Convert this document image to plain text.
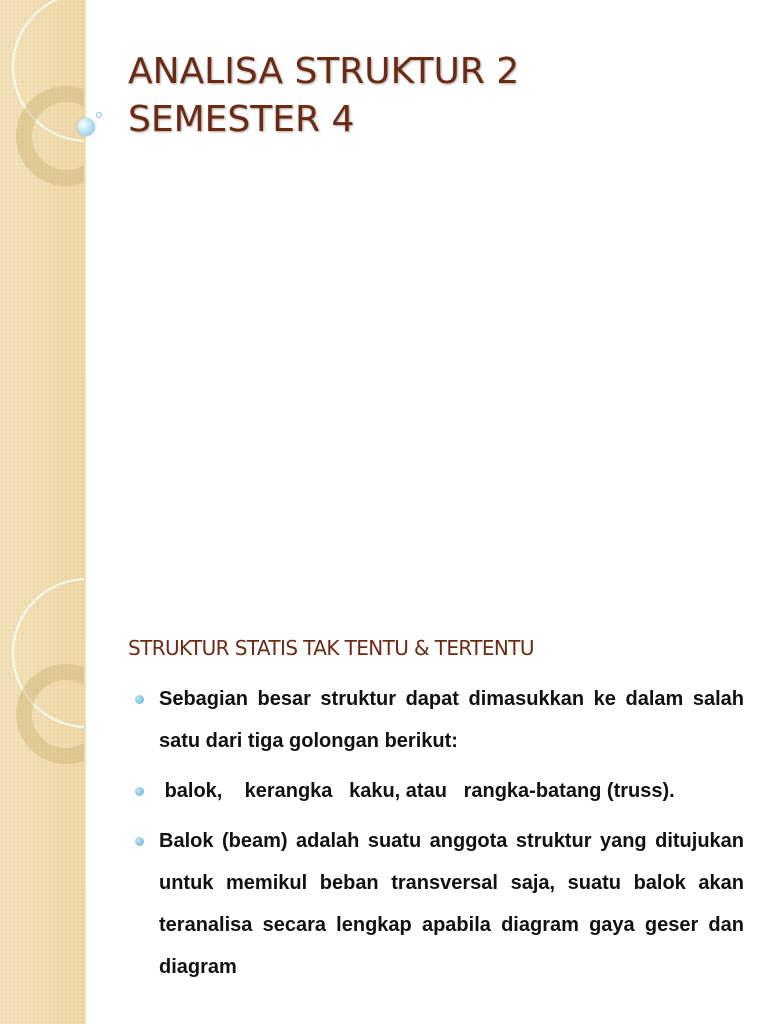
ANALISA STRUKTUR 2
SEMESTER 4
STRUKTUR STATIS TAK TENTU & TERTENTU
Sebagian besar struktur dapat dimasukkan ke dalam salah satu dari tiga golongan berikut:
balok,    kerangka   kaku, atau   rangka-batang (truss).
Balok (beam) adalah suatu anggota struktur yang ditujukan untuk memikul beban transversal saja, suatu balok akan teranalisa secara lengkap apabila diagram gaya geser dan diagram
